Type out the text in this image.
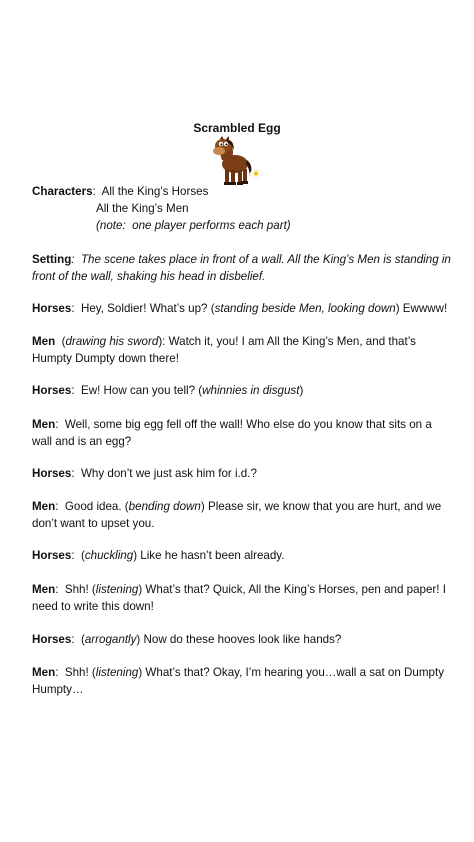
Scrambled Egg

Characters:  All the King’s Horses

All the King’s Men

(note: one player performs each part)

Setting:  The scene takes place in front of a wall. All the King’s Men is standing in front of the wall, shaking his head in disbelief.

Horses:  Hey, Soldier! What’s up? (standing beside Men, looking down) Ewwww!

Men (drawing his sword): Watch it, you! I am All the King’s Men, and that’s Humpty Dumpty down there!

Horses:  Ew! How can you tell? (whinnies in disgust)

Men:  Well, some big egg fell off the wall! Who else do you know that sits on a wall and is an egg?

Horses:  Why don’t we just ask him for i.d.?

Men:  Good idea. (bending down) Please sir, we know that you are hurt, and we don’t want to upset you.

Horses:  (chuckling) Like he hasn’t been already.

Men:  Shh! (listening) What’s that? Quick, All the King’s Horses, pen and paper! I need to write this down!

Horses:  (arrogantly) Now do these hooves look like hands?

Men:  Shh! (listening) What’s that? Okay, I’m hearing you…wall a sat on Dumpty Humpty…
